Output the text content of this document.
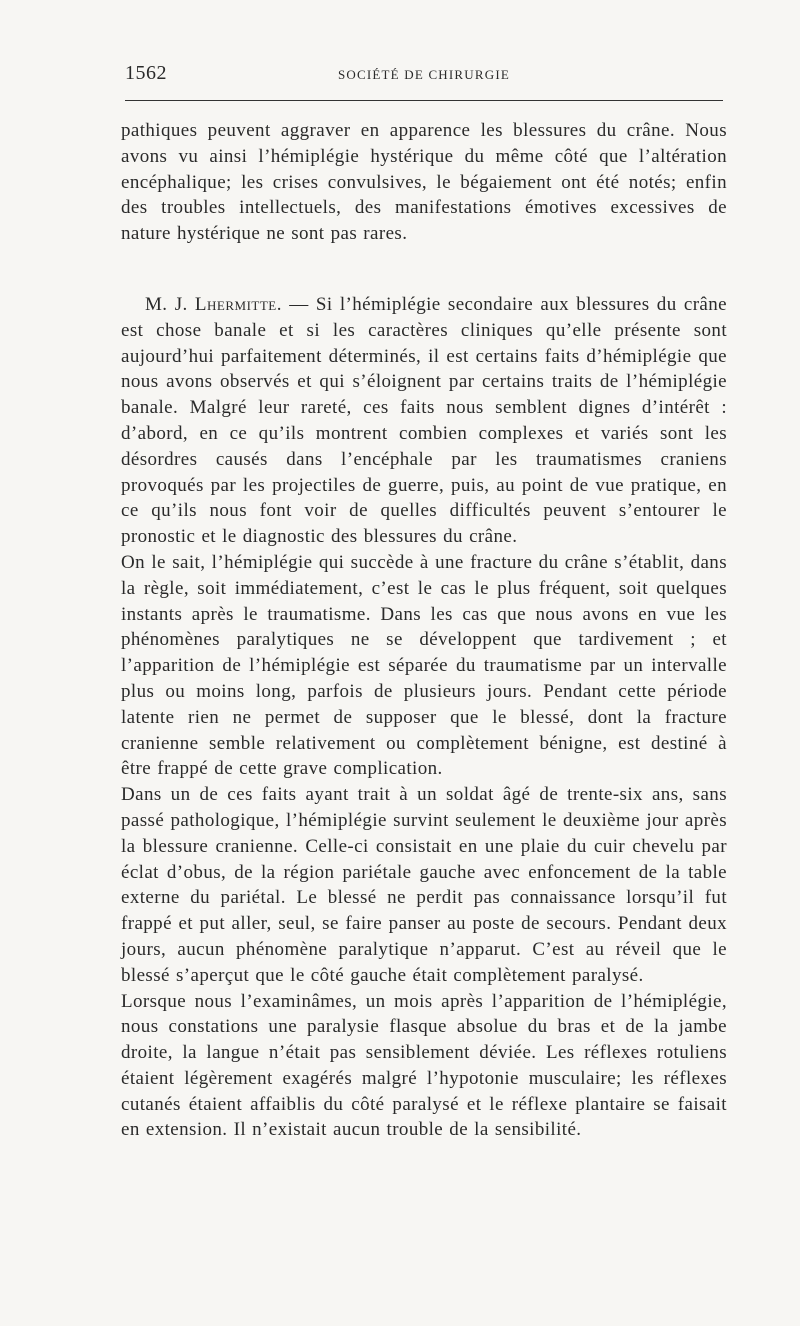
1562	SOCIÉTÉ DE CHIRURGIE

pathiques peuvent aggraver en apparence les blessures du crâne. Nous avons vu ainsi l’hémiplégie hystérique du même côté que l’altération encéphalique; les crises convulsives, le bégaiement ont été notés; enfin des troubles intellectuels, des manifestations émotives excessives de nature hystérique ne sont pas rares.

M. J. Lhermitte. — Si l’hémiplégie secondaire aux blessures du crâne est chose banale et si les caractères cliniques qu’elle présente sont aujourd’hui parfaitement déterminés, il est certains faits d’hémiplégie que nous avons observés et qui s’éloignent par certains traits de l’hémiplégie banale. Malgré leur rareté, ces faits nous semblent dignes d’intérêt : d’abord, en ce qu’ils montrent combien complexes et variés sont les désordres causés dans l’encéphale par les traumatismes craniens provoqués par les projectiles de guerre, puis, au point de vue pratique, en ce qu’ils nous font voir de quelles difficultés peuvent s’entourer le pronostic et le diagnostic des blessures du crâne.

On le sait, l’hémiplégie qui succède à une fracture du crâne s’établit, dans la règle, soit immédiatement, c’est le cas le plus fréquent, soit quelques instants après le traumatisme. Dans les cas que nous avons en vue les phénomènes paralytiques ne se développent que tardivement ; et l’apparition de l’hémiplégie est séparée du traumatisme par un intervalle plus ou moins long, parfois de plusieurs jours. Pendant cette période latente rien ne permet de supposer que le blessé, dont la fracture cranienne semble relativement ou complètement bénigne, est destiné à être frappé de cette grave complication.

Dans un de ces faits ayant trait à un soldat âgé de trente-six ans, sans passé pathologique, l’hémiplégie survint seulement le deuxième jour après la blessure cranienne. Celle-ci consistait en une plaie du cuir chevelu par éclat d’obus, de la région pariétale gauche avec enfoncement de la table externe du pariétal. Le blessé ne perdit pas connaissance lorsqu’il fut frappé et put aller, seul, se faire panser au poste de secours. Pendant deux jours, aucun phénomène paralytique n’apparut. C’est au réveil que le blessé s’aperçut que le côté gauche était complètement paralysé.

Lorsque nous l’examinâmes, un mois après l’apparition de l’hémiplégie, nous constations une paralysie flasque absolue du bras et de la jambe droite, la langue n’était pas sensiblement déviée. Les réflexes rotuliens étaient légèrement exagérés malgré l’hypotonie musculaire; les réflexes cutanés étaient affaiblis du côté paralysé et le réflexe plantaire se faisait en extension. Il n’existait aucun trouble de la sensibilité.
